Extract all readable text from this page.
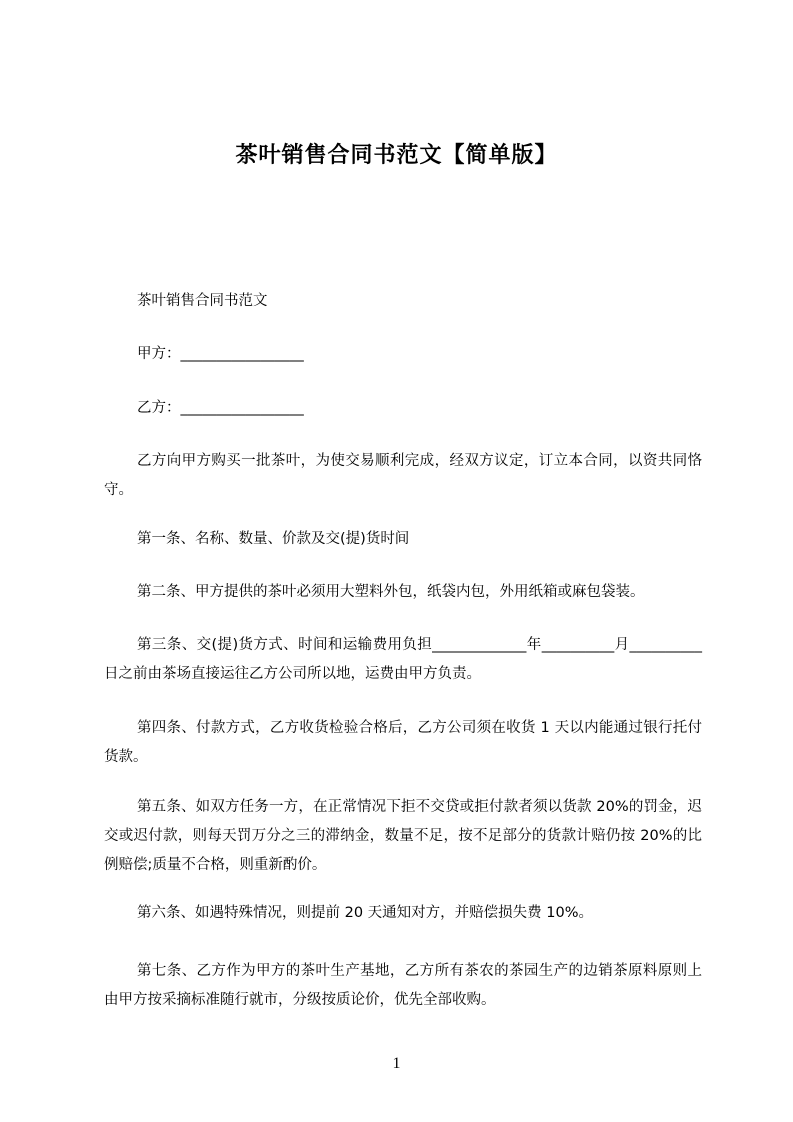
茶叶销售合同书范文【简单版】
茶叶销售合同书范文
甲方：_________________
乙方：_________________
乙方向甲方购买一批茶叶，为使交易顺利完成，经双方议定，订立本合同，以资共同恪守。
第一条、名称、数量、价款及交(提)货时间
第二条、甲方提供的茶叶必须用大塑料外包，纸袋内包，外用纸箱或麻包袋装。
第三条、交(提)货方式、时间和运输费用负担_____________年__________月__________日之前由茶场直接运往乙方公司所以地，运费由甲方负责。
第四条、付款方式，乙方收货检验合格后，乙方公司须在收货 1 天以内能通过银行托付货款。
第五条、如双方任务一方，在正常情况下拒不交贷或拒付款者须以货款 20%的罚金，迟交或迟付款，则每天罚万分之三的滞纳金，数量不足，按不足部分的货款计赔仍按 20%的比例赔偿;质量不合格，则重新酌价。
第六条、如遇特殊情况，则提前 20 天通知对方，并赔偿损失费 10%。
第七条、乙方作为甲方的茶叶生产基地，乙方所有茶农的茶园生产的边销茶原料原则上由甲方按采摘标准随行就市，分级按质论价，优先全部收购。
1
